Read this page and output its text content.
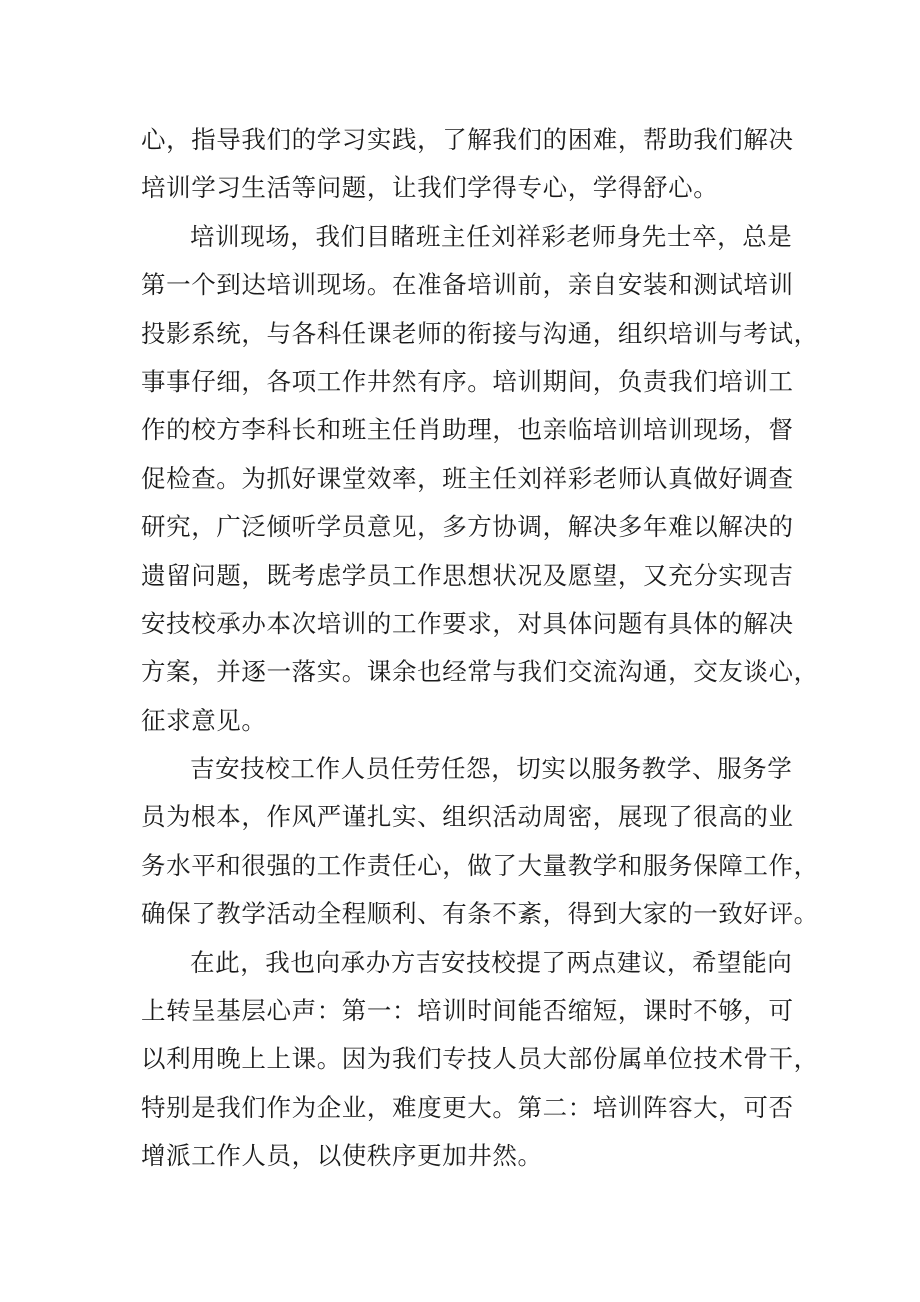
心，指导我们的学习实践，了解我们的困难，帮助我们解决
培训学习生活等问题，让我们学得专心，学得舒心。
培训现场，我们目睹班主任刘祥彩老师身先士卒，总是
第一个到达培训现场。在准备培训前，亲自安装和测试培训
投影系统，与各科任课老师的衔接与沟通，组织培训与考试，
事事仔细，各项工作井然有序。培训期间，负责我们培训工
作的校方李科长和班主任肖助理，也亲临培训培训现场，督
促检查。为抓好课堂效率，班主任刘祥彩老师认真做好调查
研究，广泛倾听学员意见，多方协调，解决多年难以解决的
遗留问题，既考虑学员工作思想状况及愿望，又充分实现吉
安技校承办本次培训的工作要求，对具体问题有具体的解决
方案，并逐一落实。课余也经常与我们交流沟通，交友谈心，
征求意见。
吉安技校工作人员任劳任怨，切实以服务教学、服务学
员为根本，作风严谨扎实、组织活动周密，展现了很高的业
务水平和很强的工作责任心，做了大量教学和服务保障工作，
确保了教学活动全程顺利、有条不紊，得到大家的一致好评。
在此，我也向承办方吉安技校提了两点建议，希望能向
上转呈基层心声：第一：培训时间能否缩短，课时不够，可
以利用晚上上课。因为我们专技人员大部份属单位技术骨干，
特别是我们作为企业，难度更大。第二：培训阵容大，可否
增派工作人员，以使秩序更加井然。
